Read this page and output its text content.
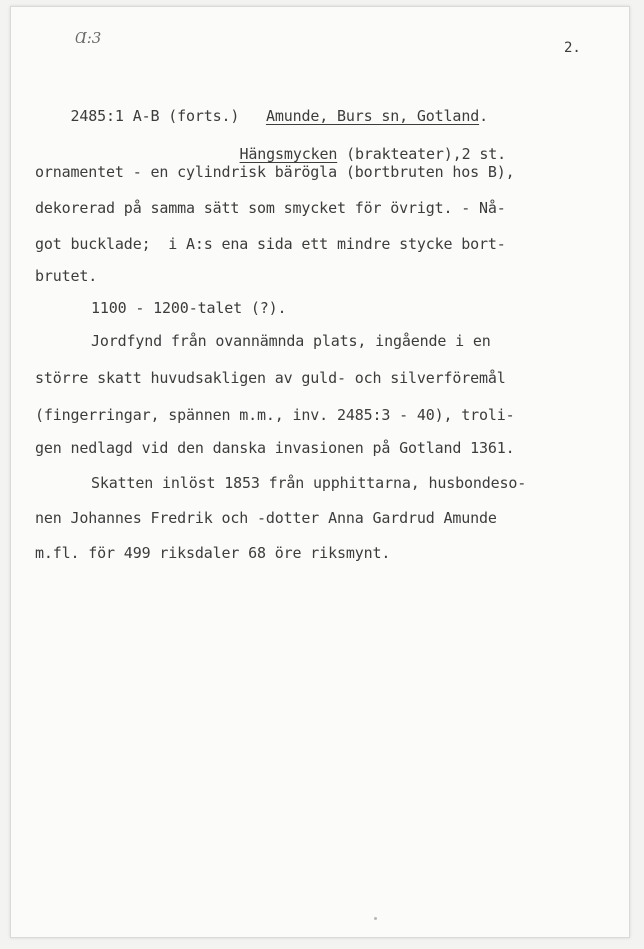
Ɑ:3
2.

2485:1 A-B (forts.) Amunde, Burs sn, Gotland.

Hängsmycken (brakteater),2 st.

ornamentet - en cylindrisk bärögla (bortbruten hos B),
dekorerad på samma sätt som smycket för övrigt. - Nå-
got bucklade;  i A:s ena sida ett mindre stycke bort-
brutet.
1100 - 1200-talet (?).
Jordfynd från ovannämnda plats, ingående i en
större skatt huvudsakligen av guld- och silverföremål
(fingerringar, spännen m.m., inv. 2485:3 - 40), troli-
gen nedlagd vid den danska invasionen på Gotland 1361.
Skatten inlöst 1853 från upphittarna, husbondeso-
nen Johannes Fredrik och -dotter Anna Gardrud Amunde
m.fl. för 499 riksdaler 68 öre riksmynt.
